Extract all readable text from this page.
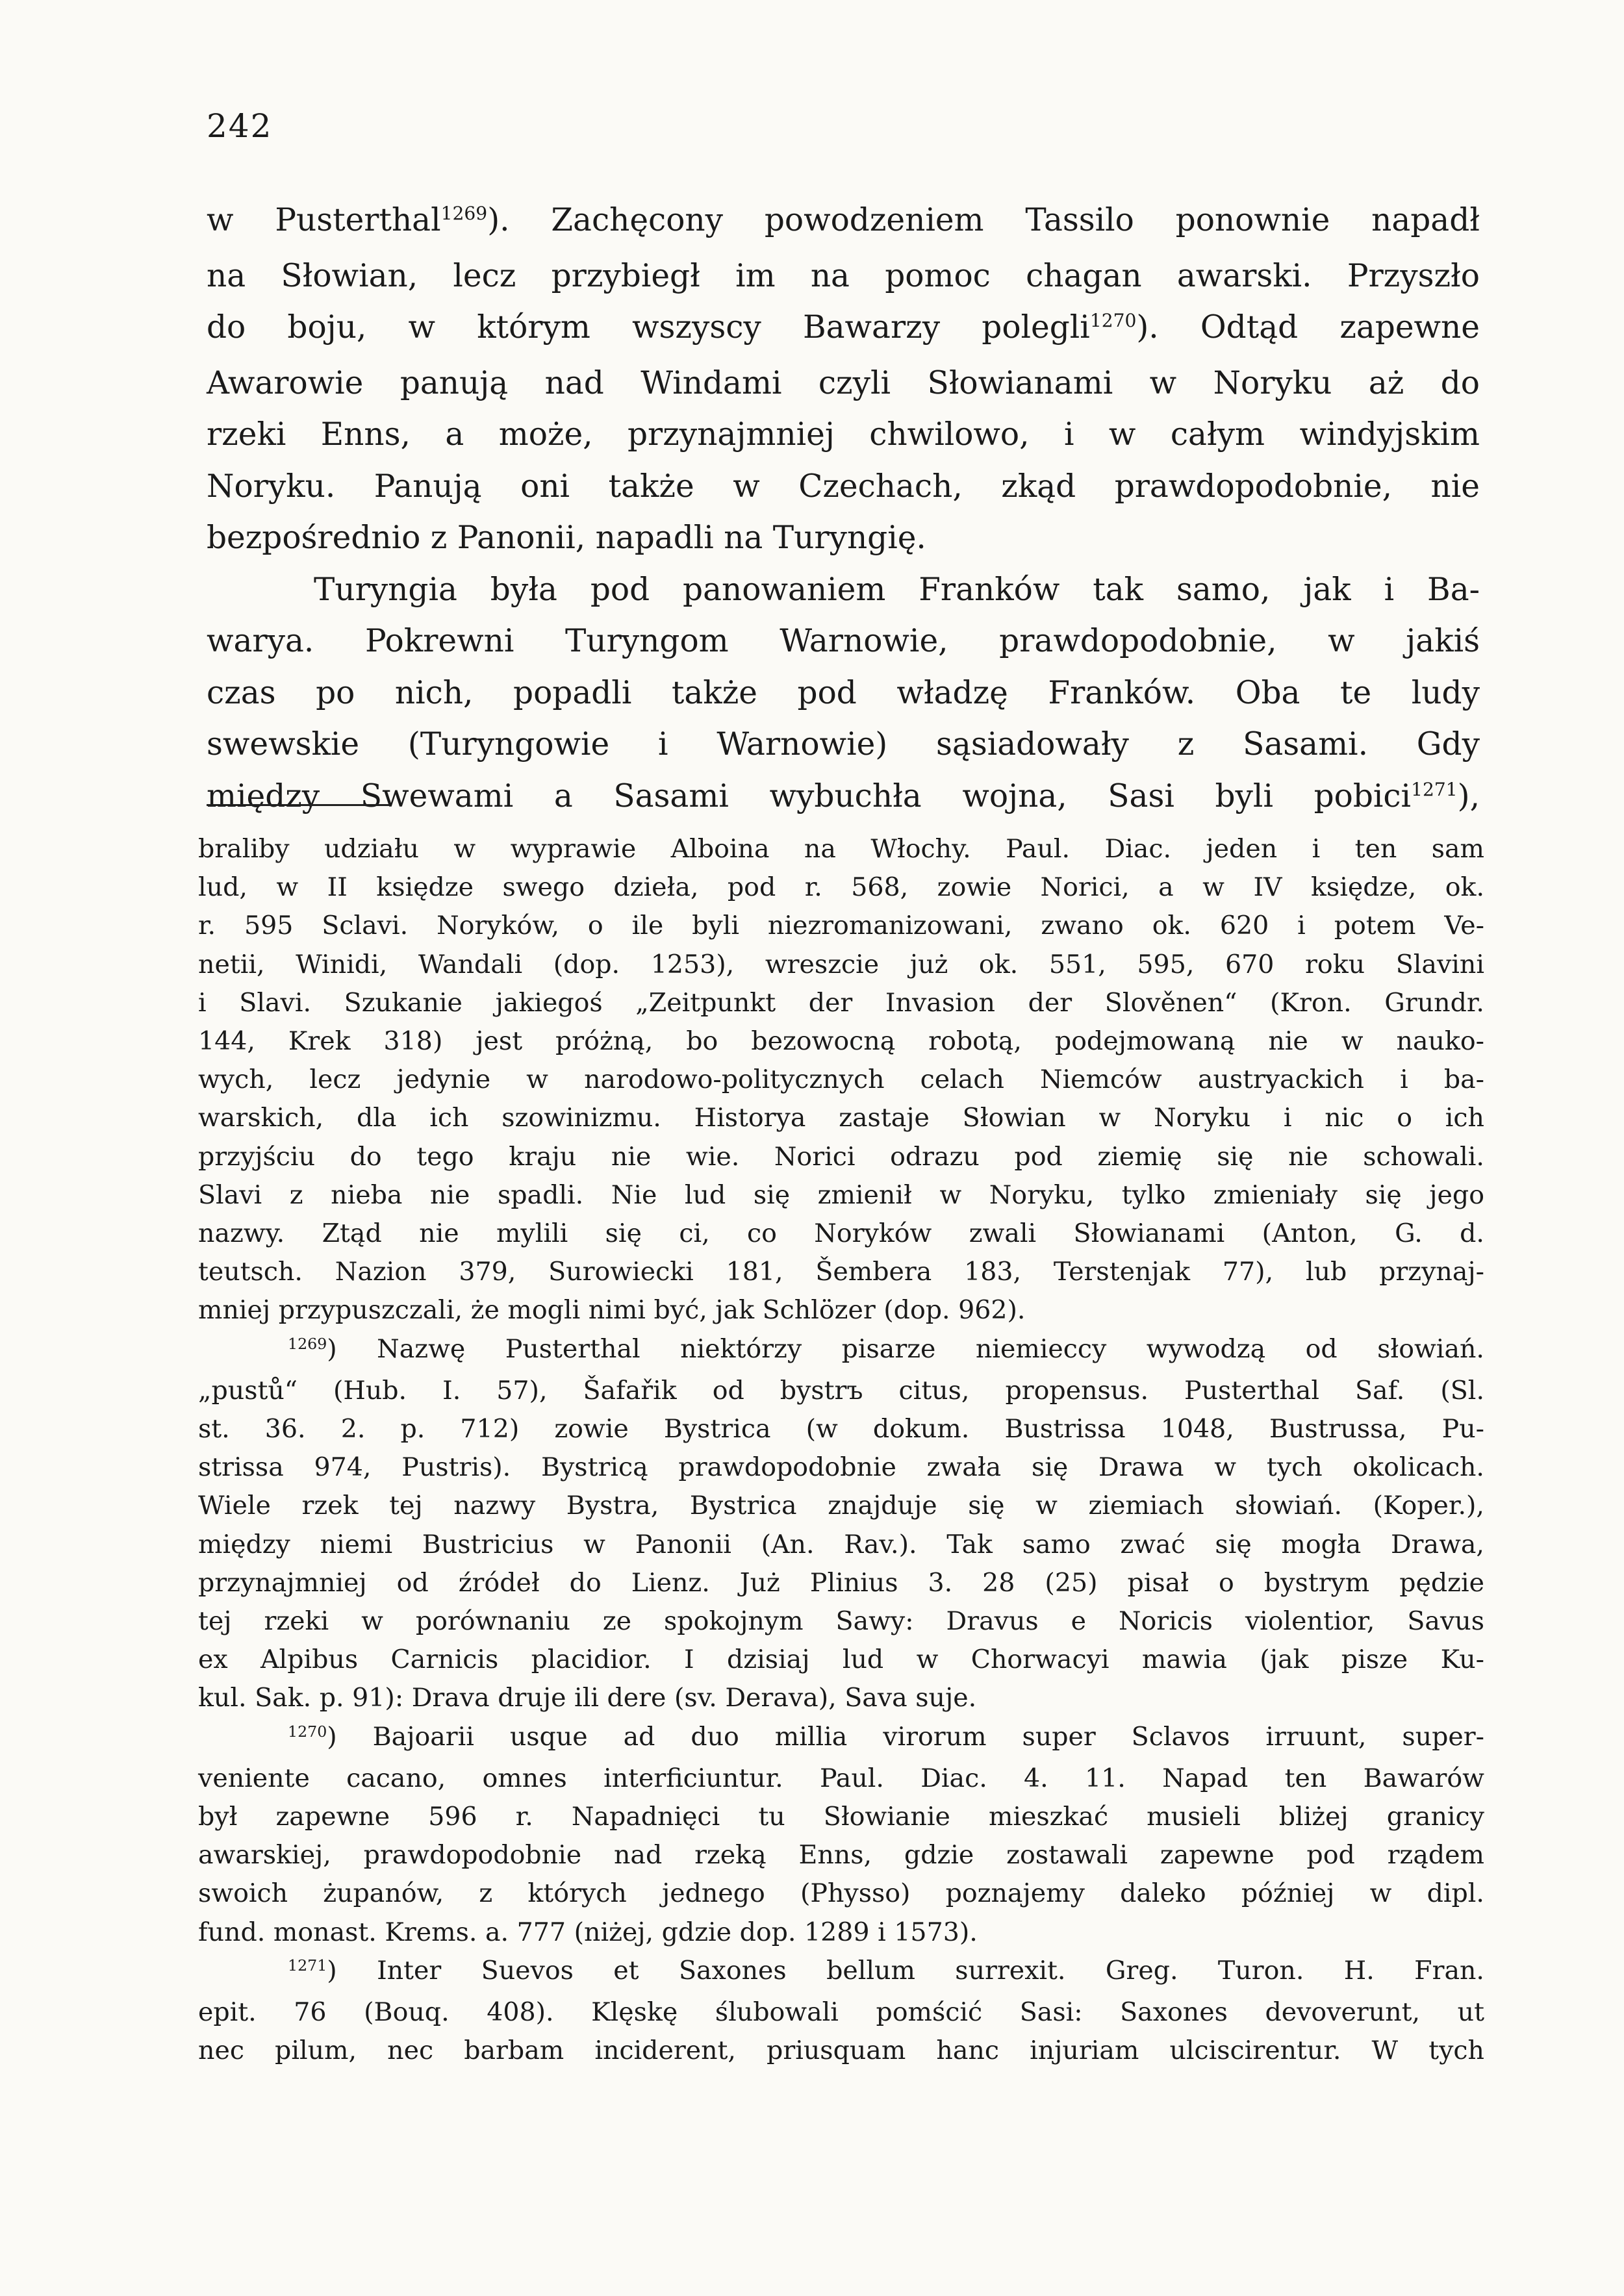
242
w Pusterthal$^{1269}$). Zachęcony powodzeniem Tassilo ponownie napadł
na Słowian, lecz przybiegł im na pomoc chagan awarski. Przyszło
do boju, w którym wszyscy Bawarzy polegli$^{1270}$). Odtąd zapewne
Awarowie panują nad Windami czyli Słowianami w Noryku aż do
rzeki Enns, a może, przynajmniej chwilowo, i w całym windyjskim
Noryku. Panują oni także w Czechach, zkąd prawdopodobnie, nie
bezpośrednio z Panonii, napadli na Turyngię.
Turyngia była pod panowaniem Franków tak samo, jak i Ba-
warya. Pokrewni Turyngom Warnowie, prawdopodobnie, w jakiś
czas po nich, popadli także pod władzę Franków. Oba te ludy
swewskie (Turyngowie i Warnowie) sąsiadowały z Sasami. Gdy
między Swewami a Sasami wybuchła wojna, Sasi byli pobici$^{1271}$),
braliby udziału w wyprawie Alboina na Włochy. Paul. Diac. jeden i ten sam
lud, w II księdze swego dzieła, pod r. 568, zowie Norici, a w IV księdze, ok.
r. 595 Sclavi. Noryków, o ile byli niezromanizowani, zwano ok. 620 i potem Ve-
netii, Winidi, Wandali (dop. 1253), wreszcie już ok. 551, 595, 670 roku Slavini
i Slavi. Szukanie jakiegoś „Zeitpunkt der Invasion der Slověnen“ (Kron. Grundr.
144, Krek 318) jest próżną, bo bezowocną robotą, podejmowaną nie w nauko-
wych, lecz jedynie w narodowo-politycznych celach Niemców austryackich i ba-
warskich, dla ich szowinizmu. Historya zastaje Słowian w Noryku i nic o ich
przyjściu do tego kraju nie wie. Norici odrazu pod ziemię się nie schowali.
Slavi z nieba nie spadli. Nie lud się zmienił w Noryku, tylko zmieniały się jego
nazwy. Ztąd nie mylili się ci, co Noryków zwali Słowianami (Anton, G. d.
teutsch. Nazion 379, Surowiecki 181, Šembera 183, Terstenjak 77), lub przynaj-
mniej przypuszczali, że mogli nimi być, jak Schlözer (dop. 962).
$^{1269}$) Nazwę Pusterthal niektórzy pisarze niemieccy wywodzą od słowiań.
„pustů“ (Hub. I. 57), Šafařik od bystrъ citus, propensus. Pusterthal Saf. (Sl.
st. 36. 2. p. 712) zowie Bystrica (w dokum. Bustrissa 1048, Bustrussa, Pu-
strissa 974, Pustris). Bystricą prawdopodobnie zwała się Drawa w tych okolicach.
Wiele rzek tej nazwy Bystra, Bystrica znajduje się w ziemiach słowiań. (Koper.),
między niemi Bustricius w Panonii (An. Rav.). Tak samo zwać się mogła Drawa,
przynajmniej od źródeł do Lienz. Już Plinius 3. 28 (25) pisał o bystrym pędzie
tej rzeki w porównaniu ze spokojnym Sawy: Dravus e Noricis violentior, Savus
ex Alpibus Carnicis placidior. I dzisiaj lud w Chorwacyi mawia (jak pisze Ku-
kul. Sak. p. 91): Drava druje ili dere (sv. Derava), Sava suje.
$^{1270}$) Bajoarii usque ad duo millia virorum super Sclavos irruunt, super-
veniente cacano, omnes interficiuntur. Paul. Diac. 4. 11. Napad ten Bawarów
był zapewne 596 r. Napadnięci tu Słowianie mieszkać musieli bliżej granicy
awarskiej, prawdopodobnie nad rzeką Enns, gdzie zostawali zapewne pod rządem
swoich żupanów, z których jednego (Physso) poznajemy daleko później w dipl.
fund. monast. Krems. a. 777 (niżej, gdzie dop. 1289 i 1573).
$^{1271}$) Inter Suevos et Saxones bellum surrexit. Greg. Turon. H. Fran.
epit. 76 (Bouq. 408). Klęskę ślubowali pomścić Sasi: Saxones devoverunt, ut
nec pilum, nec barbam inciderent, priusquam hanc injuriam ulciscirentur. W tych
